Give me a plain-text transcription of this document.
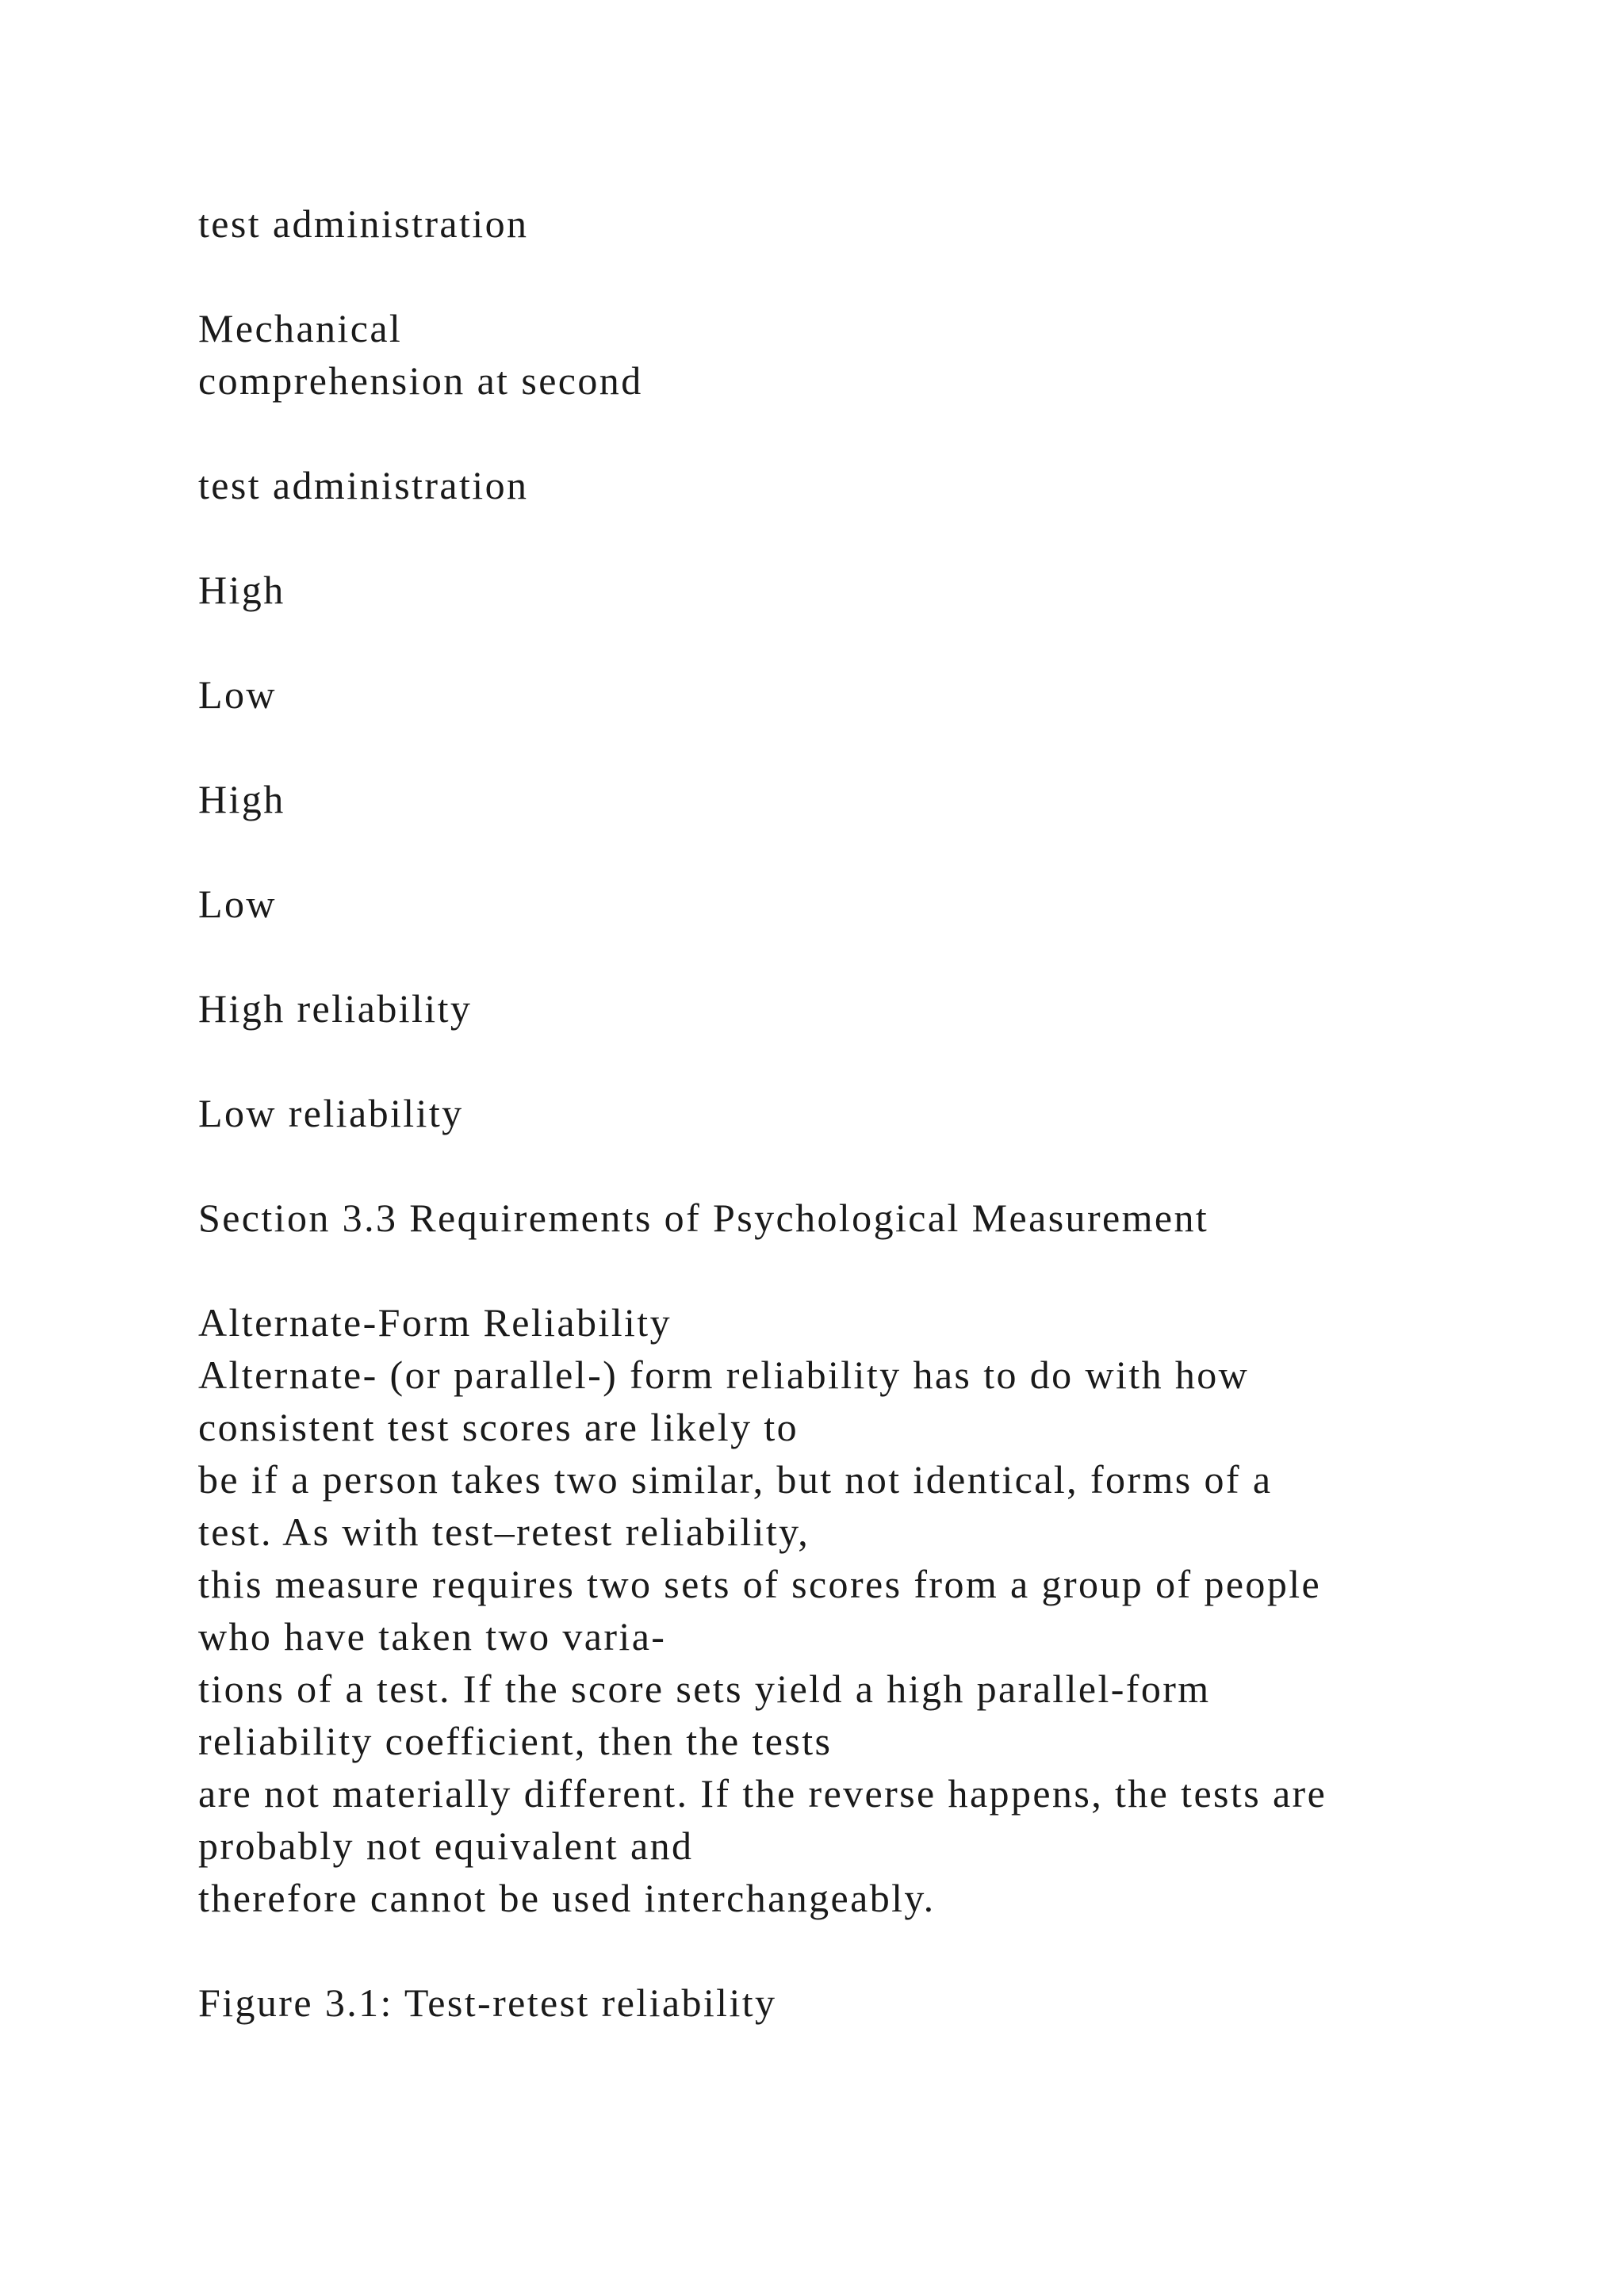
test administration
Mechanical
comprehension at second
test administration
High
Low
High
Low
High reliability
Low reliability
Section 3.3 Requirements of Psychological Measurement
Alternate-Form Reliability
Alternate- (or parallel-) form reliability has to do with how
consistent test scores are likely to
be if a person takes two similar, but not identical, forms of a
test. As with test–retest reliability,
this measure requires two sets of scores from a group of people
who have taken two varia-
tions of a test. If the score sets yield a high parallel-form
reliability coefficient, then the tests
are not materially different. If the reverse happens, the tests are
probably not equivalent and
therefore cannot be used interchangeably.
Figure 3.1: Test-retest reliability
